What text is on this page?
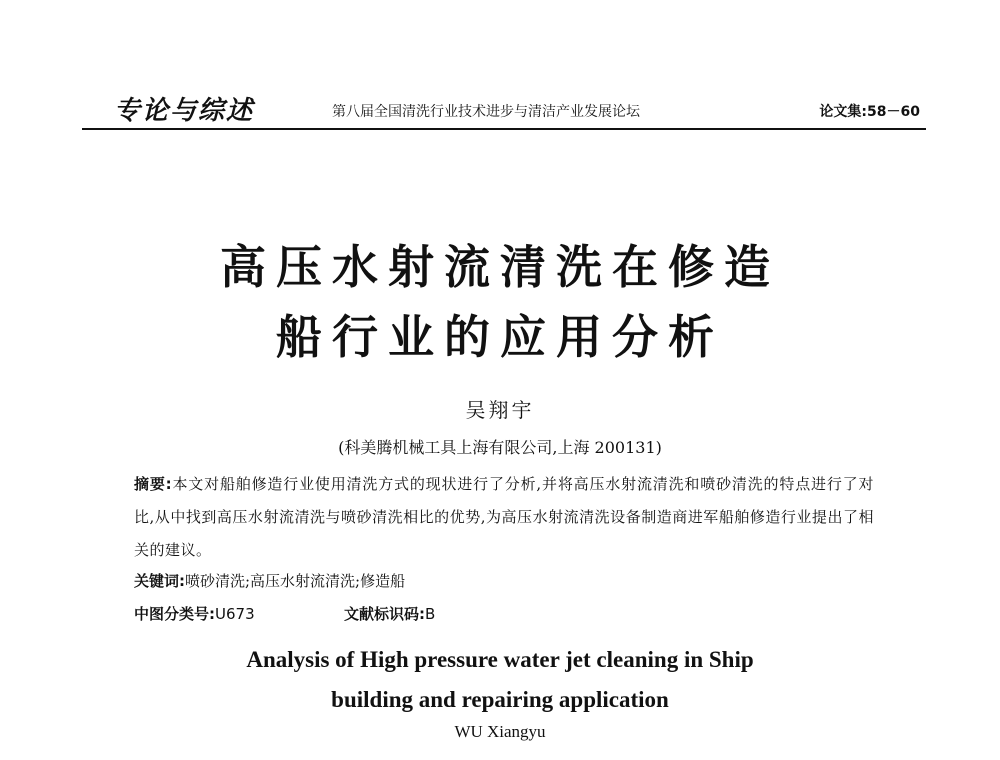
专论与综述	第八届全国清洗行业技术进步与清洁产业发展论坛	论文集:58－60
高压水射流清洗在修造
船行业的应用分析
吴翔宇
(科美腾机械工具上海有限公司,上海 200131)
摘要:本文对船舶修造行业使用清洗方式的现状进行了分析,并将高压水射流清洗和喷砂清洗的特点进行了对比,从中找到高压水射流清洗与喷砂清洗相比的优势,为高压水射流清洗设备制造商进军船舶修造行业提出了相关的建议。
关键词:喷砂清洗;高压水射流清洗;修造船
中图分类号:U673	文献标识码:B
Analysis of High pressure water jet cleaning in Ship
building and repairing application
WU Xiangyu
